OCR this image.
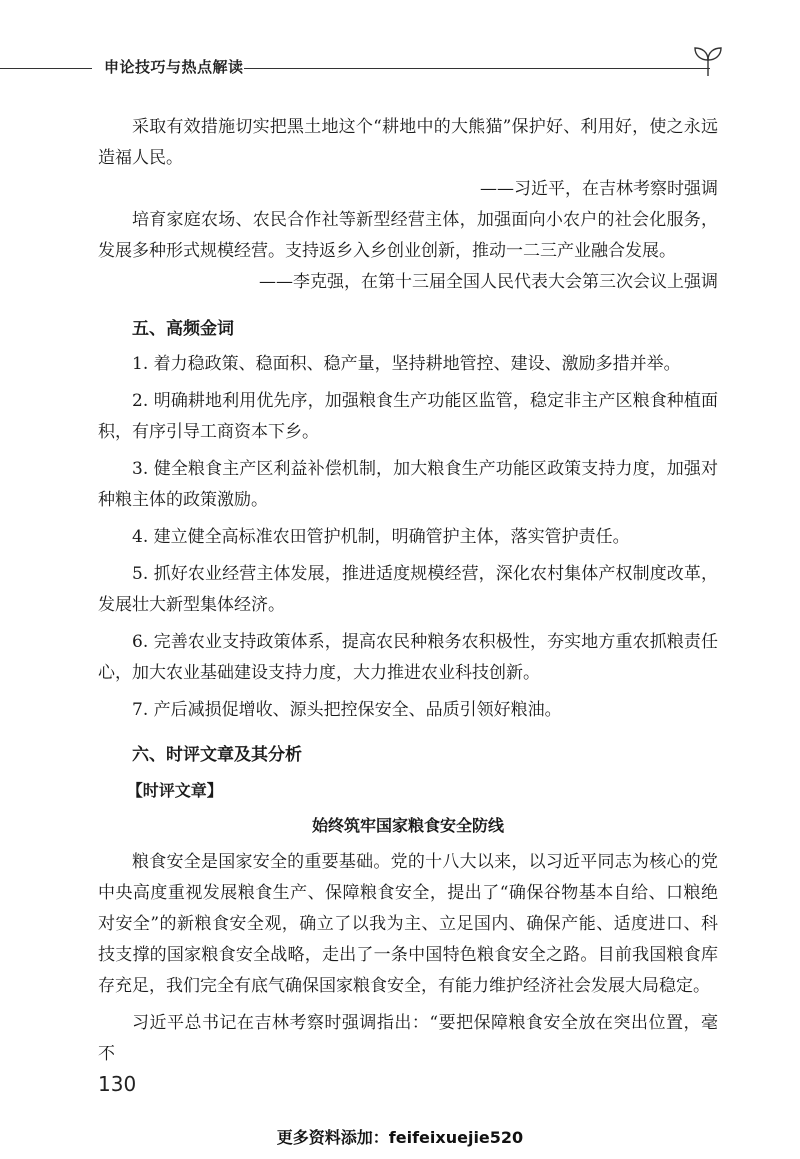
申论技巧与热点解读

采取有效措施切实把黑土地这个“耕地中的大熊猫”保护好、利用好，使之永远造福人民。

——习近平，在吉林考察时强调

培育家庭农场、农民合作社等新型经营主体，加强面向小农户的社会化服务，发展多种形式规模经营。支持返乡入乡创业创新，推动一二三产业融合发展。

——李克强，在第十三届全国人民代表大会第三次会议上强调

五、高频金词

1. 着力稳政策、稳面积、稳产量，坚持耕地管控、建设、激励多措并举。

2. 明确耕地利用优先序，加强粮食生产功能区监管，稳定非主产区粮食种植面积，有序引导工商资本下乡。

3. 健全粮食主产区利益补偿机制，加大粮食生产功能区政策支持力度，加强对种粮主体的政策激励。

4. 建立健全高标准农田管护机制，明确管护主体，落实管护责任。

5. 抓好农业经营主体发展，推进适度规模经营，深化农村集体产权制度改革，发展壮大新型集体经济。

6. 完善农业支持政策体系，提高农民种粮务农积极性，夯实地方重农抓粮责任心，加大农业基础建设支持力度，大力推进农业科技创新。

7. 产后减损促增收、源头把控保安全、品质引领好粮油。

六、时评文章及其分析
【时评文章】
始终筑牢国家粮食安全防线

粮食安全是国家安全的重要基础。党的十八大以来，以习近平同志为核心的党中央高度重视发展粮食生产、保障粮食安全，提出了“确保谷物基本自给、口粮绝对安全”的新粮食安全观，确立了以我为主、立足国内、确保产能、适度进口、科技支撑的国家粮食安全战略，走出了一条中国特色粮食安全之路。目前我国粮食库存充足，我们完全有底气确保国家粮食安全，有能力维护经济社会发展大局稳定。

习近平总书记在吉林考察时强调指出：“要把保障粮食安全放在突出位置，毫不

130
更多资料添加：feifeixuejie520
